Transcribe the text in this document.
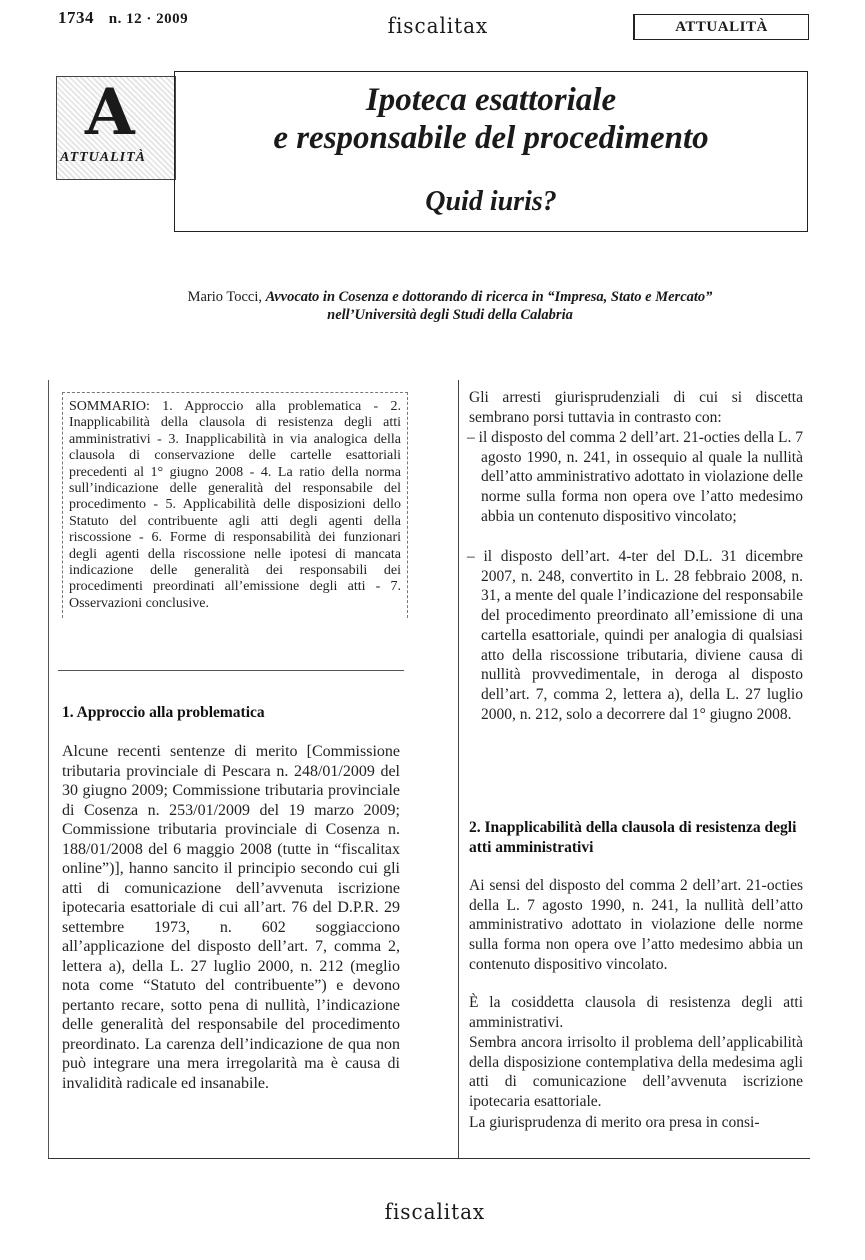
1734 n. 12 · 2009	fiscalitax	ATTUALITÀ
A
ATTUALITÀ
Ipoteca esattoriale
e responsabile del procedimento
Quid iuris?
Mario Tocci, Avvocato in Cosenza e dottorando di ricerca in “Impresa, Stato e Mercato”
nell’Università degli Studi della Calabria
SOMMARIO: 1. Approccio alla problematica - 2. Inapplicabilità della clausola di resistenza degli atti amministrativi - 3. Inapplicabilità in via analogica della clausola di conservazione delle cartelle esattoriali precedenti al 1° giugno 2008 - 4. La ratio della norma sull’indicazione delle generalità del responsabile del procedimento - 5. Applicabilità delle disposizioni dello Statuto del contribuente agli atti degli agenti della riscossione - 6. Forme di responsabilità dei funzionari degli agenti della riscossione nelle ipotesi di mancata indicazione delle generalità dei responsabili dei procedimenti preordinati all’emissione degli atti - 7. Osservazioni conclusive.
1. Approccio alla problematica
Alcune recenti sentenze di merito [Commissione tributaria provinciale di Pescara n. 248/01/2009 del 30 giugno 2009; Commissione tributaria provinciale di Cosenza n. 253/01/2009 del 19 marzo 2009; Commissione tributaria provinciale di Cosenza n. 188/01/2008 del 6 maggio 2008 (tutte in “fiscalitax online”)], hanno sancito il principio secondo cui gli atti di comunicazione dell’avvenuta iscrizione ipotecaria esattoriale di cui all’art. 76 del D.P.R. 29 settembre 1973, n. 602 soggiacciono all’applicazione del disposto dell’art. 7, comma 2, lettera a), della L. 27 luglio 2000, n. 212 (meglio nota come “Statuto del contribuente”) e devono pertanto recare, sotto pena di nullità, l’indicazione delle generalità del responsabile del procedimento preordinato. La carenza dell’indicazione de qua non può integrare una mera irregolarità ma è causa di invalidità radicale ed insanabile.
Gli arresti giurisprudenziali di cui si discetta sembrano porsi tuttavia in contrasto con:
– il disposto del comma 2 dell’art. 21-octies della L. 7 agosto 1990, n. 241, in ossequio al quale la nullità dell’atto amministrativo adottato in violazione delle norme sulla forma non opera ove l’atto medesimo abbia un contenuto dispositivo vincolato;
– il disposto dell’art. 4-ter del D.L. 31 dicembre 2007, n. 248, convertito in L. 28 febbraio 2008, n. 31, a mente del quale l’indicazione del responsabile del procedimento preordinato all’emissione di una cartella esattoriale, quindi per analogia di qualsiasi atto della riscossione tributaria, diviene causa di nullità provvedimentale, in deroga al disposto dell’art. 7, comma 2, lettera a), della L. 27 luglio 2000, n. 212, solo a decorrere dal 1° giugno 2008.
2. Inapplicabilità della clausola di resistenza degli atti amministrativi
Ai sensi del disposto del comma 2 dell’art. 21-octies della L. 7 agosto 1990, n. 241, la nullità dell’atto amministrativo adottato in violazione delle norme sulla forma non opera ove l’atto medesimo abbia un contenuto dispositivo vincolato.
È la cosiddetta clausola di resistenza degli atti amministrativi.
Sembra ancora irrisolto il problema dell’applicabilità della disposizione contemplativa della medesima agli atti di comunicazione dell’avvenuta iscrizione ipotecaria esattoriale.
La giurisprudenza di merito ora presa in consi-
fiscalitax
